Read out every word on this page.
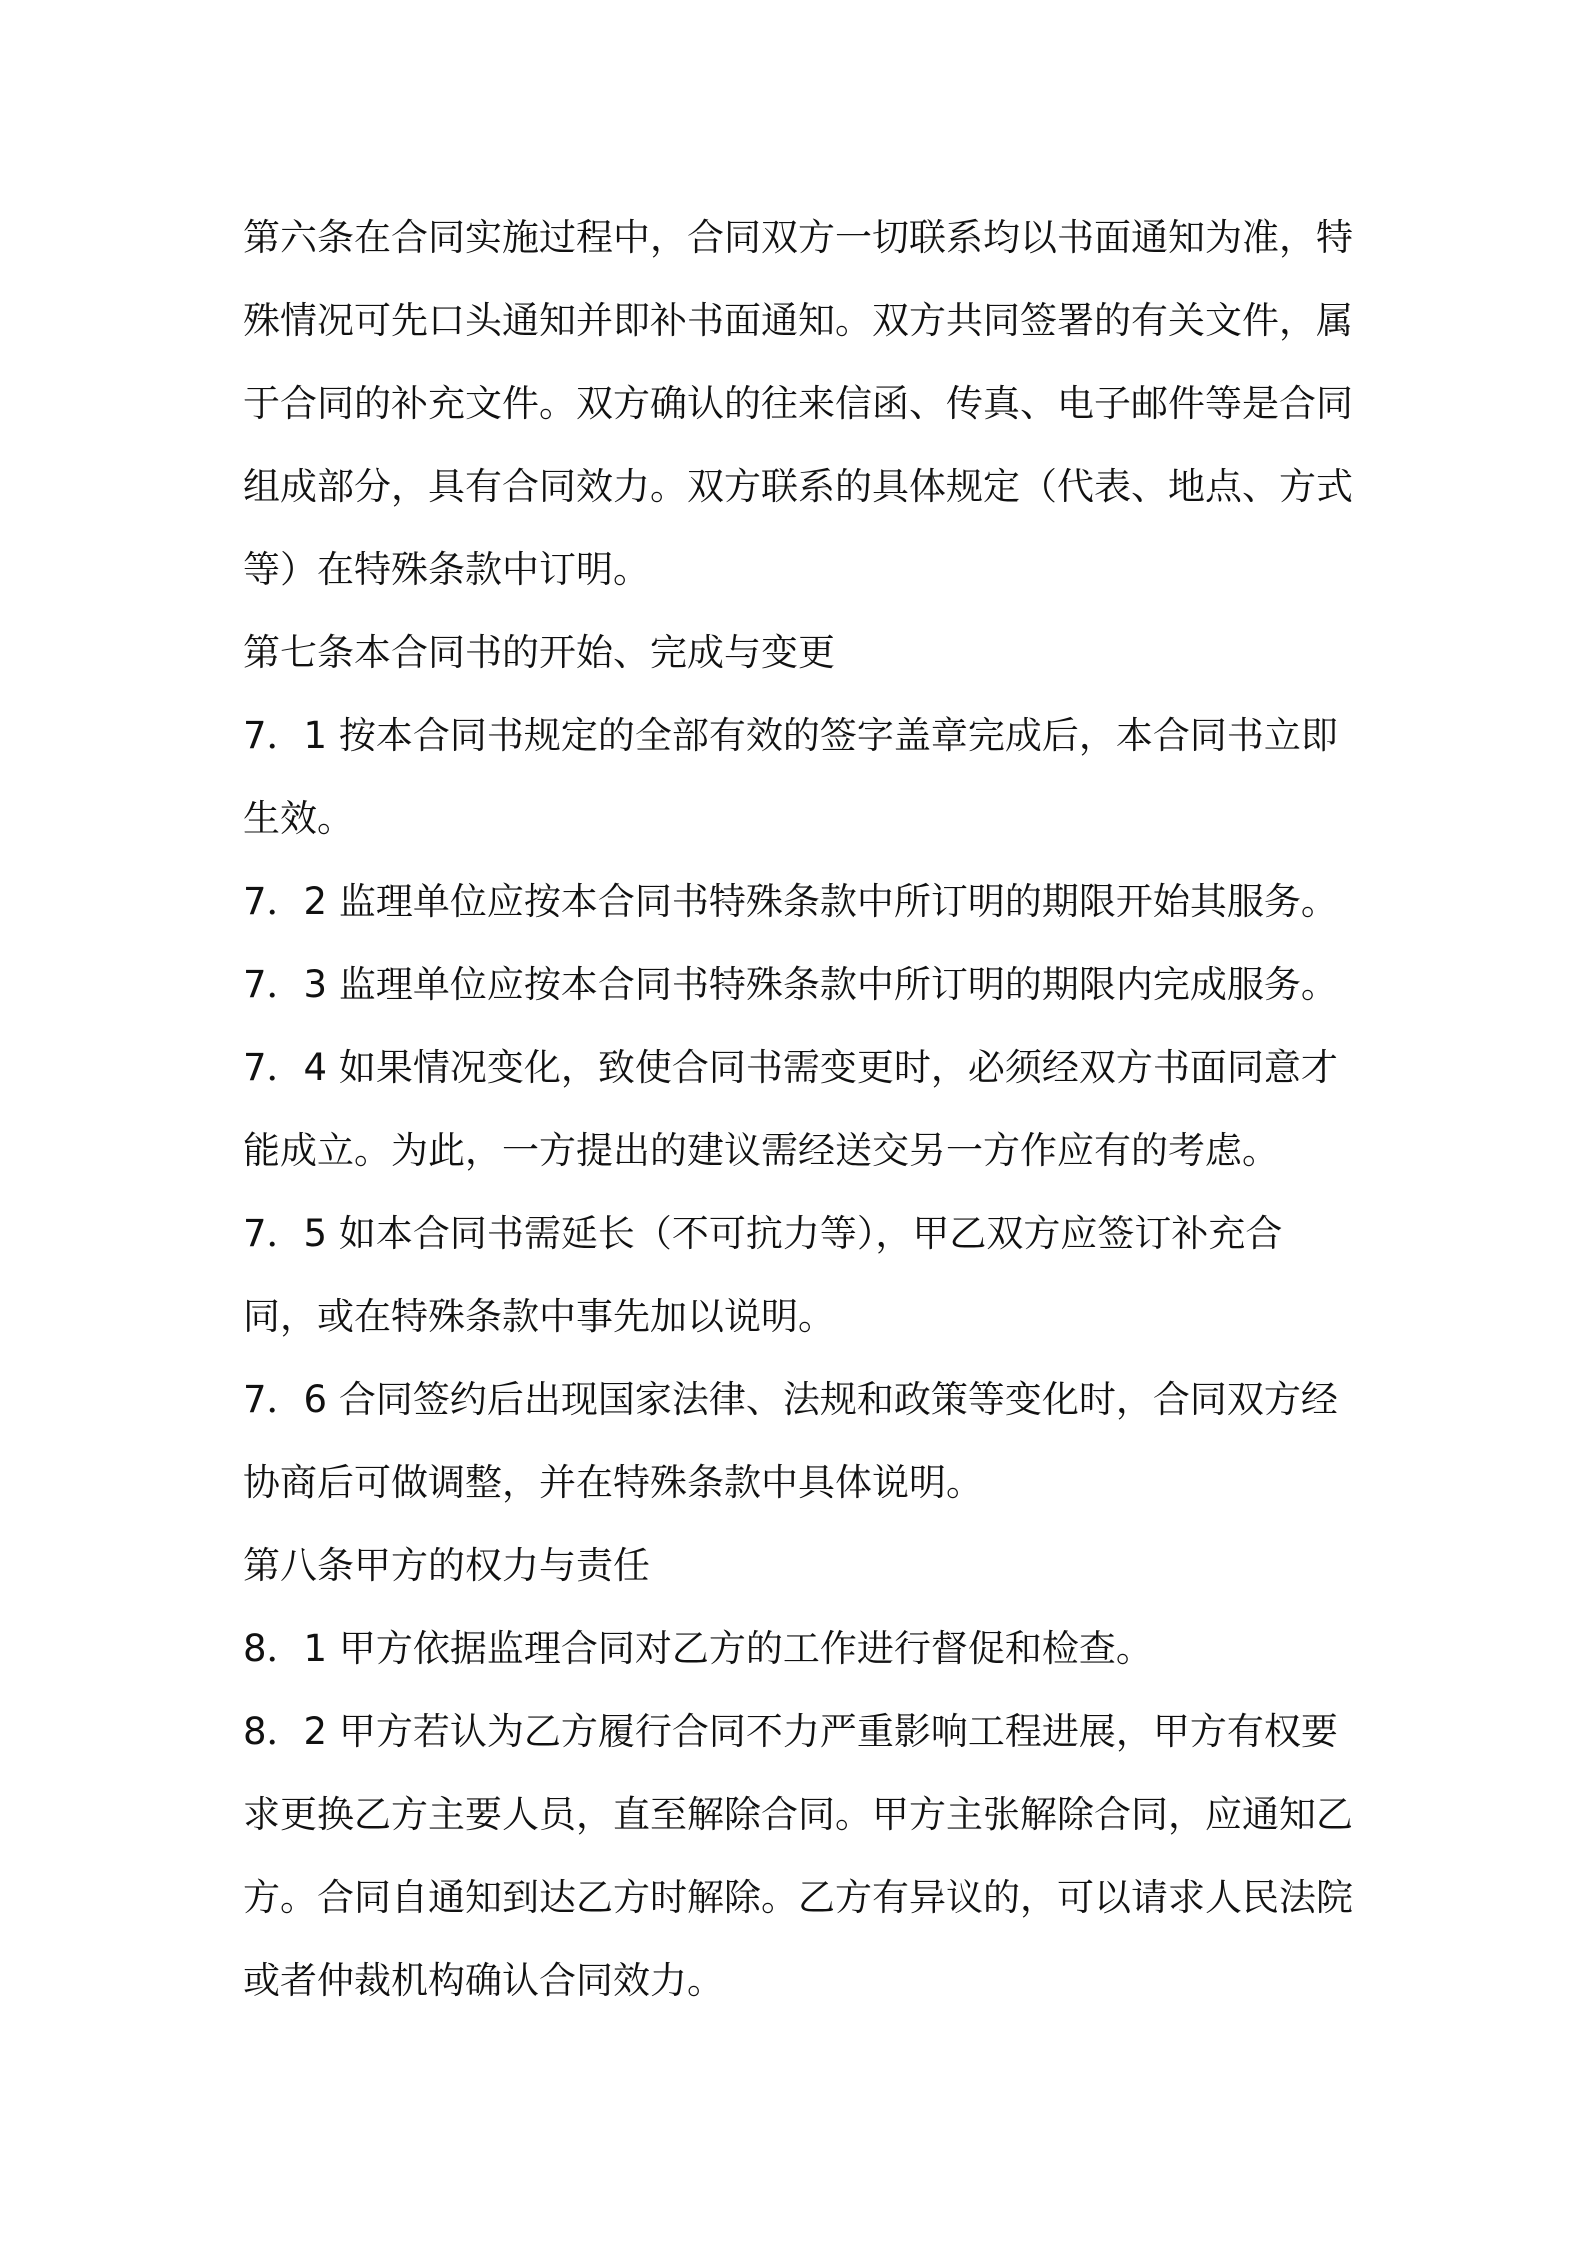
第六条在合同实施过程中，合同双方一切联系均以书面通知为准，特殊情况可先口头通知并即补书面通知。双方共同签署的有关文件，属于合同的补充文件。双方确认的往来信函、传真、电子邮件等是合同组成部分，具有合同效力。双方联系的具体规定（代表、地点、方式等）在特殊条款中订明。

第七条本合同书的开始、完成与变更

7．1 按本合同书规定的全部有效的签字盖章完成后，本合同书立即生效。

7．2 监理单位应按本合同书特殊条款中所订明的期限开始其服务。

7．3 监理单位应按本合同书特殊条款中所订明的期限内完成服务。

7．4 如果情况变化，致使合同书需变更时，必须经双方书面同意才能成立。为此，一方提出的建议需经送交另一方作应有的考虑。

7．5 如本合同书需延长（不可抗力等），甲乙双方应签订补充合同，或在特殊条款中事先加以说明。

7．6 合同签约后出现国家法律、法规和政策等变化时，合同双方经协商后可做调整，并在特殊条款中具体说明。

第八条甲方的权力与责任

8．1 甲方依据监理合同对乙方的工作进行督促和检查。

8．2 甲方若认为乙方履行合同不力严重影响工程进展，甲方有权要求更换乙方主要人员，直至解除合同。甲方主张解除合同，应通知乙方。合同自通知到达乙方时解除。乙方有异议的，可以请求人民法院或者仲裁机构确认合同效力。
